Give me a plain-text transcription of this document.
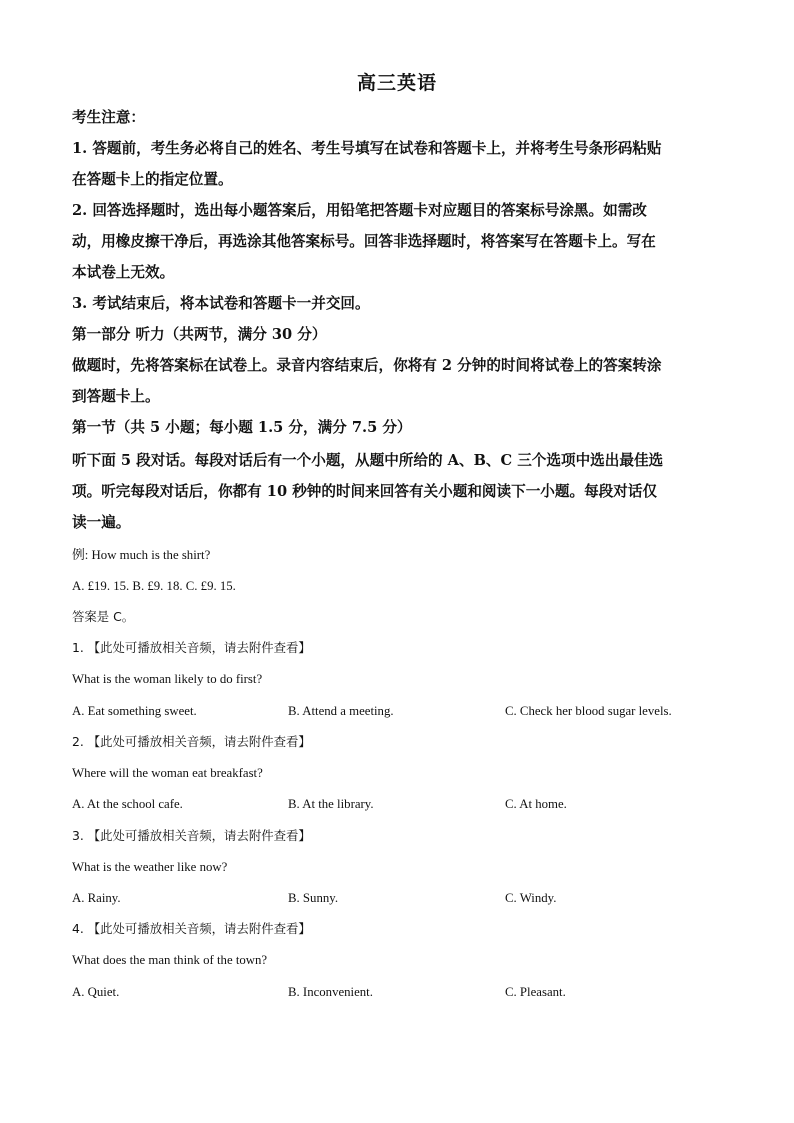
高三英语
考生注意：
1. 答题前，考生务必将自己的姓名、考生号填写在试卷和答题卡上，并将考生号条形码粘贴
在答题卡上的指定位置。
2. 回答选择题时，选出每小题答案后，用铅笔把答题卡对应题目的答案标号涂黑。如需改
动，用橡皮擦干净后，再选涂其他答案标号。回答非选择题时，将答案写在答题卡上。写在
本试卷上无效。
3. 考试结束后，将本试卷和答题卡一并交回。
第一部分 听力（共两节，满分 30 分）
做题时，先将答案标在试卷上。录音内容结束后，你将有 2 分钟的时间将试卷上的答案转涂
到答题卡上。
第一节（共 5 小题；每小题 1.5 分，满分 7.5 分）
听下面 5 段对话。每段对话后有一个小题，从题中所给的 A、B、C 三个选项中选出最佳选
项。听完每段对话后，你都有 10 秒钟的时间来回答有关小题和阅读下一小题。每段对话仅
读一遍。
例: How much is the shirt?
A. £19. 15. B. £9. 18. C. £9. 15.
答案是 C。
1. 【此处可播放相关音频，请去附件查看】
What is the woman likely to do first?
A. Eat something sweet.	B. Attend a meeting.	C. Check her blood sugar levels.
2. 【此处可播放相关音频，请去附件查看】
Where will the woman eat breakfast?
A. At the school cafe.	B. At the library.	C. At home.
3. 【此处可播放相关音频，请去附件查看】
What is the weather like now?
A. Rainy.	B. Sunny.	C. Windy.
4. 【此处可播放相关音频，请去附件查看】
What does the man think of the town?
A. Quiet.	B. Inconvenient.	C. Pleasant.
